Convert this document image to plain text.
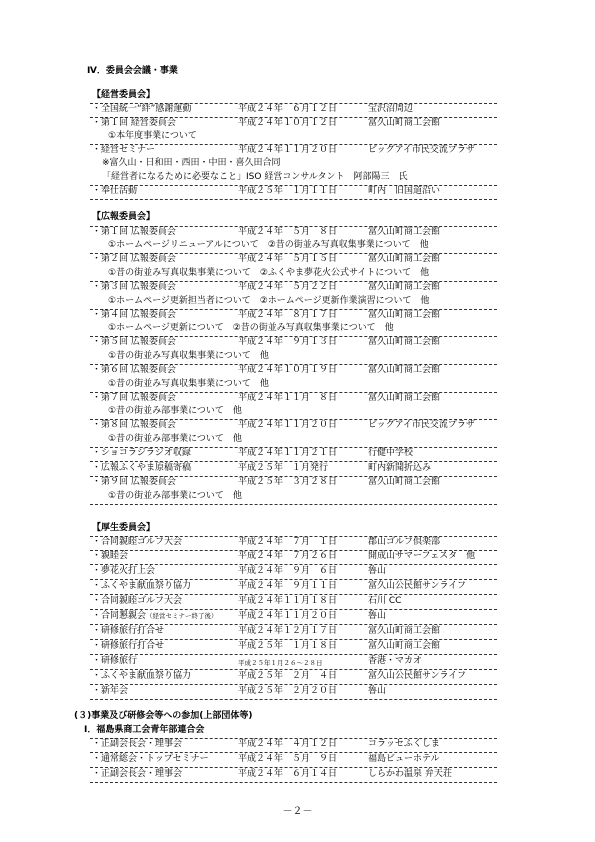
Ⅳ．委員会会議・事業
【経営委員会】
・全国統一“絆”感謝運動	平成２４年　６月１２日	宝沢沼周辺
・第１回 経営委員会	平成２４年１０月１２日	富久山町商工会館
①本年度事業について
・経営セミナー	平成２４年１１月２０日	ビッグアイ市民交流プラザ
※富久山・日和田・西田・中田・喜久田合同
「経営者になるために必要なこと」ISO 経営コンサルタント　阿部陽三　氏
・奉仕活動	平成２５年　１月１１日	町内　旧国道沿い
【広報委員会】
・第１回 広報委員会	平成２４年　５月　８日	富久山町商工会館
①ホームページリニューアルについて　②昔の街並み写真収集事業について　他
・第２回 広報委員会	平成２４年　５月１５日	富久山町商工会館
①昔の街並み写真収集事業について　②ふくやま夢花火公式サイトについて　他
・第３回 広報委員会	平成２４年　５月２２日	富久山町商工会館
①ホームページ更新担当者について　②ホームページ更新作業演習について　他
・第４回 広報委員会	平成２４年　８月１７日	富久山町商工会館
①ホームページ更新について　②昔の街並み写真収集事業について　他
・第５回 広報委員会	平成２４年　９月１３日	富久山町商工会館
①昔の街並み写真収集事業について　他
・第６回 広報委員会	平成２４年１０月１９日	富久山町商工会館
①昔の街並み写真収集事業について　他
・第７回 広報委員会	平成２４年１１月　８日	富久山町商工会館
①昔の街並み部事業について　他
・第８回 広報委員会	平成２４年１１月２０日	ビッグアイ市民交流プラザ
①昔の街並み部事業について　他
・ショコラジラジオ収録	平成２４年１１月２１日	行健中学校
・広報ふくやま原稿寄稿	平成２５年　１月発行	町内新聞折込み
・第９回 広報委員会	平成２５年　３月２８日	富久山町商工会館
①昔の街並み部事業について　他
【厚生委員会】
・合同親睦ゴルフ大会	平成２４年　７月　１日	郡山ゴルフ倶楽部
・親睦会	平成２４年　７月２６日	開成山サマーフェスタ　他
・夢花火打上会	平成２４年　９月　６日	魯山
・ふくやま献血祭り協力	平成２４年　９月１１日	富久山公民館サンライフ
・合同親睦ゴルフ大会	平成２４年１１月１８日	石川 CC
・合同懇親会（経営セミナー終了後） 平成２４年１１月２０日	魯山
・研修旅行打合せ	平成２４年１２月１７日	富久山町商工会館
・研修旅行打合せ	平成２５年　１月１８日	富久山町商工会館
・研修旅行	平成２５年１月２６～２８日	香港・マカオ
・ふくやま献血祭り協力	平成２５年　２月　４日	富久山公民館サンライフ
・新年会	平成２５年　２月２０日	魯山
(３)事業及び研修会等への参加(上部団体等)
Ⅰ．福島県商工会青年部連合会
・正副会長会・理事会	平成２４年　４月１２日	コラッセふくしま
・通常総会・トップセミナー	平成２４年　５月　９日	福島ビューホテル
・正副会長会・理事会	平成２４年　６月１４日	しらかわ温泉 弁天荘
－２－
